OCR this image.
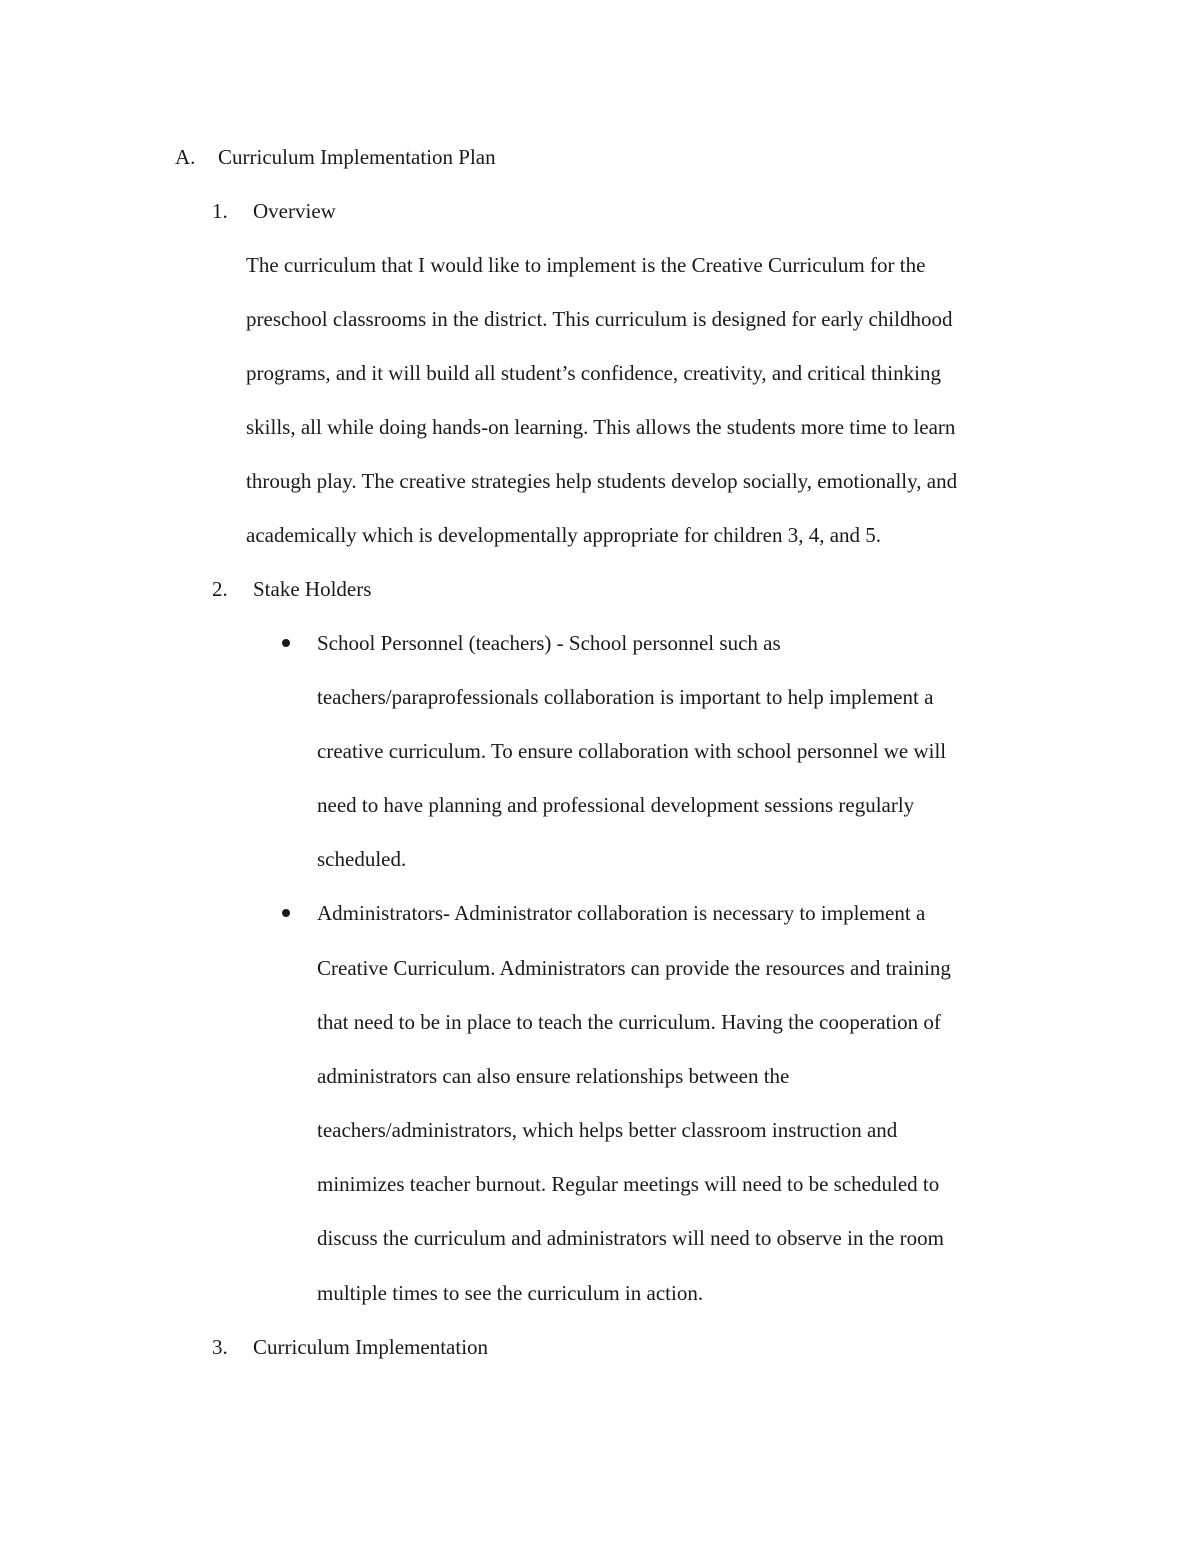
A. Curriculum Implementation Plan
1. Overview
The curriculum that I would like to implement is the Creative Curriculum for the
preschool classrooms in the district. This curriculum is designed for early childhood
programs, and it will build all student’s confidence, creativity, and critical thinking
skills, all while doing hands-on learning. This allows the students more time to learn
through play. The creative strategies help students develop socially, emotionally, and
academically which is developmentally appropriate for children 3, 4, and 5.
2. Stake Holders
School Personnel (teachers) - School personnel such as
teachers/paraprofessionals collaboration is important to help implement a
creative curriculum. To ensure collaboration with school personnel we will
need to have planning and professional development sessions regularly
scheduled.
Administrators- Administrator collaboration is necessary to implement a
Creative Curriculum. Administrators can provide the resources and training
that need to be in place to teach the curriculum. Having the cooperation of
administrators can also ensure relationships between the
teachers/administrators, which helps better classroom instruction and
minimizes teacher burnout. Regular meetings will need to be scheduled to
discuss the curriculum and administrators will need to observe in the room
multiple times to see the curriculum in action.
3. Curriculum Implementation
